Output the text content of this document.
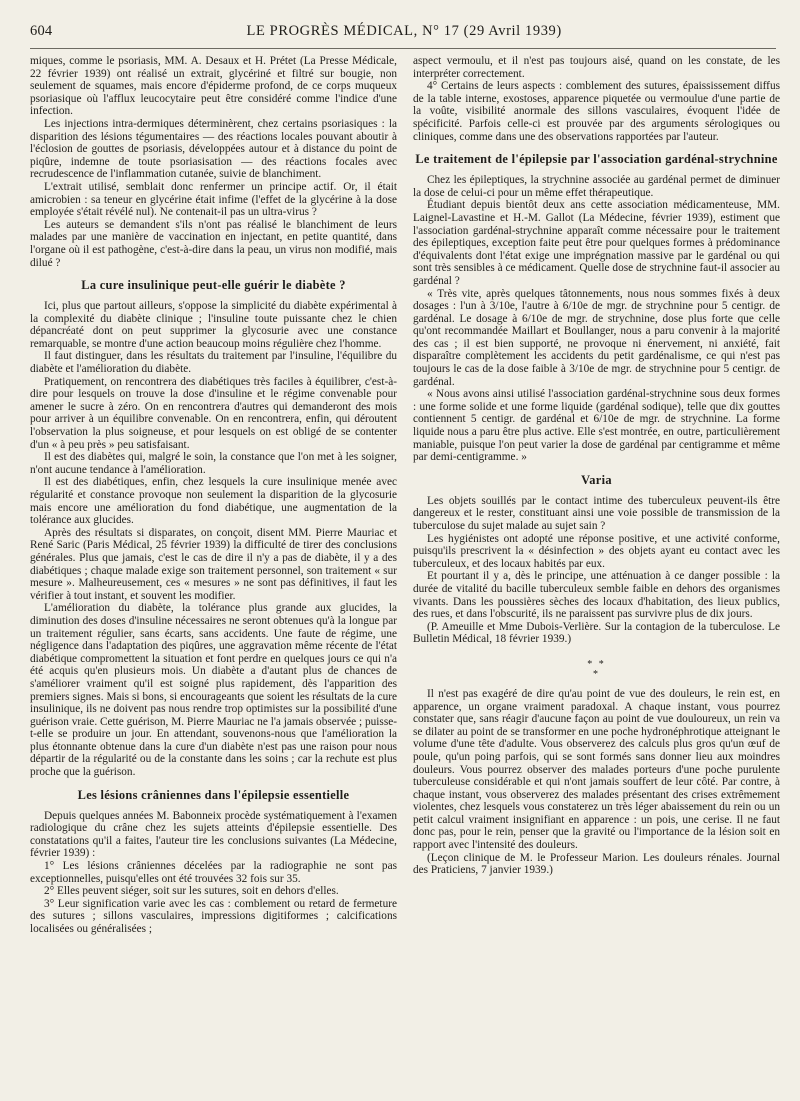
604	LE PROGRÈS MÉDICAL, N° 17 (29 Avril 1939)

miques, comme le psoriasis, MM. A. Desaux et H. Prétet (La Presse Médicale, 22 février 1939) ont réalisé un extrait, glycériné et filtré sur bougie, non seulement de squames, mais encore d'épiderme profond, de ce corps muqueux psoriasique où l'afflux leucocytaire peut être considéré comme l'indice d'une infection.

Les injections intra-dermiques déterminèrent, chez certains psoriasiques : la disparition des lésions tégumentaires — des réactions locales pouvant aboutir à l'éclosion de gouttes de psoriasis, développées autour et à distance du point de piqûre, indemne de toute psoriasisation — des réactions focales avec recrudescence de l'inflammation cutanée, suivie de blanchiment.

L'extrait utilisé, semblait donc renfermer un principe actif. Or, il était amicrobien : sa teneur en glycérine était infime (l'effet de la glycérine à la dose employée s'était révélé nul). Ne contenait-il pas un ultra-virus ?

Les auteurs se demandent s'ils n'ont pas réalisé le blanchiment de leurs malades par une manière de vaccination en injectant, en petite quantité, dans l'organe où il est pathogène, c'est-à-dire dans la peau, un virus non modifié, mais dilué ?

La cure insulinique peut-elle guérir le diabète ?

Ici, plus que partout ailleurs, s'oppose la simplicité du diabète expérimental à la complexité du diabète clinique ; l'insuline toute puissante chez le chien dépancréaté dont on peut supprimer la glycosurie avec une constance remarquable, se montre d'une action beaucoup moins régulière chez l'homme.

Il faut distinguer, dans les résultats du traitement par l'insuline, l'équilibre du diabète et l'amélioration du diabète.

Pratiquement, on rencontrera des diabétiques très faciles à équilibrer, c'est-à-dire pour lesquels on trouve la dose d'insuline et le régime convenable pour amener le sucre à zéro. On en rencontrera d'autres qui demanderont des mois pour arriver à un équilibre convenable. On en rencontrera, enfin, qui déroutent l'observation la plus soigneuse, et pour lesquels on est obligé de se contenter d'un « à peu près » peu satisfaisant.

Il est des diabètes qui, malgré le soin, la constance que l'on met à les soigner, n'ont aucune tendance à l'amélioration.

Il est des diabétiques, enfin, chez lesquels la cure insulinique menée avec régularité et constance provoque non seulement la disparition de la glycosurie mais encore une amélioration du fond diabétique, une augmentation de la tolérance aux glucides.

Après des résultats si disparates, on conçoit, disent MM. Pierre Mauriac et René Saric (Paris Médical, 25 février 1939) la difficulté de tirer des conclusions générales. Plus que jamais, c'est le cas de dire il n'y a pas de diabète, il y a des diabétiques ; chaque malade exige son traitement personnel, son traitement « sur mesure ». Malheureusement, ces « mesures » ne sont pas définitives, il faut les vérifier à tout instant, et souvent les modifier.

L'amélioration du diabète, la tolérance plus grande aux glucides, la diminution des doses d'insuline nécessaires ne seront obtenues qu'à la longue par un traitement régulier, sans écarts, sans accidents. Une faute de régime, une négligence dans l'adaptation des piqûres, une aggravation même récente de l'état diabétique compromettent la situation et font perdre en quelques jours ce qui n'a été acquis qu'en plusieurs mois. Un diabète a d'autant plus de chances de s'améliorer vraiment qu'il est soigné plus rapidement, dès l'apparition des premiers signes. Mais si bons, si encourageants que soient les résultats de la cure insulinique, ils ne doivent pas nous rendre trop optimistes sur la possibilité d'une guérison vraie. Cette guérison, M. Pierre Mauriac ne l'a jamais observée ; puisse-t-elle se produire un jour. En attendant, souvenons-nous que l'amélioration la plus étonnante obtenue dans la cure d'un diabète n'est pas une raison pour nous départir de la régularité ou de la constante dans les soins ; car la rechute est plus proche que la guérison.

Les lésions crâniennes dans l'épilepsie essentielle

Depuis quelques années M. Babonneix procède systématiquement à l'examen radiologique du crâne chez les sujets atteints d'épilepsie essentielle. Des constatations qu'il a faites, l'auteur tire les conclusions suivantes (La Médecine, février 1939) :

1° Les lésions crâniennes décelées par la radiographie ne sont pas exceptionnelles, puisqu'elles ont été trouvées 32 fois sur 35.

2° Elles peuvent siéger, soit sur les sutures, soit en dehors d'elles.

3° Leur signification varie avec les cas : comblement ou retard de fermeture des sutures ; sillons vasculaires, impressions digitiformes ; calcifications localisées ou généralisées ;

aspect vermoulu, et il n'est pas toujours aisé, quand on les constate, de les interpréter correctement.

4° Certains de leurs aspects : comblement des sutures, épaississement diffus de la table interne, exostoses, apparence piquetée ou vermoulue d'une partie de la voûte, visibilité anormale des sillons vasculaires, évoquent l'idée de spécificité. Parfois celle-ci est prouvée par des arguments sérologiques ou cliniques, comme dans une des observations rapportées par l'auteur.

Le traitement de l'épilepsie par l'association gardénal-strychnine

Chez les épileptiques, la strychnine associée au gardénal permet de diminuer la dose de celui-ci pour un même effet thérapeutique.

Étudiant depuis bientôt deux ans cette association médicamenteuse, MM. Laignel-Lavastine et H.-M. Gallot (La Médecine, février 1939), estiment que l'association gardénal-strychnine apparaît comme nécessaire pour le traitement des épileptiques, exception faite peut être pour quelques formes à prédominance d'équivalents dont l'état exige une imprégnation massive par le gardénal ou qui sont très sensibles à ce médicament. Quelle dose de strychnine faut-il associer au gardénal ?

« Très vite, après quelques tâtonnements, nous nous sommes fixés à deux dosages : l'un à 3/10e, l'autre à 6/10e de mgr. de strychnine pour 5 centigr. de gardénal. Le dosage à 6/10e de mgr. de strychnine, dose plus forte que celle qu'ont recommandée Maillart et Boullanger, nous a paru convenir à la majorité des cas ; il est bien supporté, ne provoque ni énervement, ni anxiété, fait disparaître complètement les accidents du petit gardénalisme, ce qui n'est pas toujours le cas de la dose faible à 3/10e de mgr. de strychnine pour 5 centigr. de gardénal.

« Nous avons ainsi utilisé l'association gardénal-strychnine sous deux formes : une forme solide et une forme liquide (gardénal sodique), telle que dix gouttes contiennent 5 centigr. de gardénal et 6/10e de mgr. de strychnine. La forme liquide nous a paru être plus active. Elle s'est montrée, en outre, particulièrement maniable, puisque l'on peut varier la dose de gardénal par centigramme et même par demi-centigramme. »

Varia

Les objets souillés par le contact intime des tuberculeux peuvent-ils être dangereux et le rester, constituant ainsi une voie possible de transmission de la tuberculose du sujet malade au sujet sain ?

Les hygiénistes ont adopté une réponse positive, et une activité conforme, puisqu'ils prescrivent la « désinfection » des objets ayant eu contact avec les tuberculeux, et des locaux habités par eux.

Et pourtant il y a, dès le principe, une atténuation à ce danger possible : la durée de vitalité du bacille tuberculeux semble faible en dehors des organismes vivants. Dans les poussières sèches des locaux d'habitation, des lieux publics, des rues, et dans l'obscurité, ils ne paraissent pas survivre plus de dix jours.

(P. Ameuille et Mme Dubois-Verlière. Sur la contagion de la tuberculose. Le Bulletin Médical, 18 février 1939.)

* *
*

Il n'est pas exagéré de dire qu'au point de vue des douleurs, le rein est, en apparence, un organe vraiment paradoxal. A chaque instant, vous pourrez constater que, sans réagir d'aucune façon au point de vue douloureux, un rein va se dilater au point de se transformer en une poche hydronéphrotique atteignant le volume d'une tête d'adulte. Vous observerez des calculs plus gros qu'un œuf de poule, qu'un poing parfois, qui se sont formés sans donner lieu aux moindres douleurs. Vous pourrez observer des malades porteurs d'une poche purulente tuberculeuse considérable et qui n'ont jamais souffert de leur côté. Par contre, à chaque instant, vous observerez des malades présentant des crises extrêmement violentes, chez lesquels vous constaterez un très léger abaissement du rein ou un petit calcul vraiment insignifiant en apparence : un pois, une cerise. Il ne faut donc pas, pour le rein, penser que la gravité ou l'importance de la lésion soit en rapport avec l'intensité des douleurs.

(Leçon clinique de M. le Professeur Marion. Les douleurs rénales. Journal des Praticiens, 7 janvier 1939.)
